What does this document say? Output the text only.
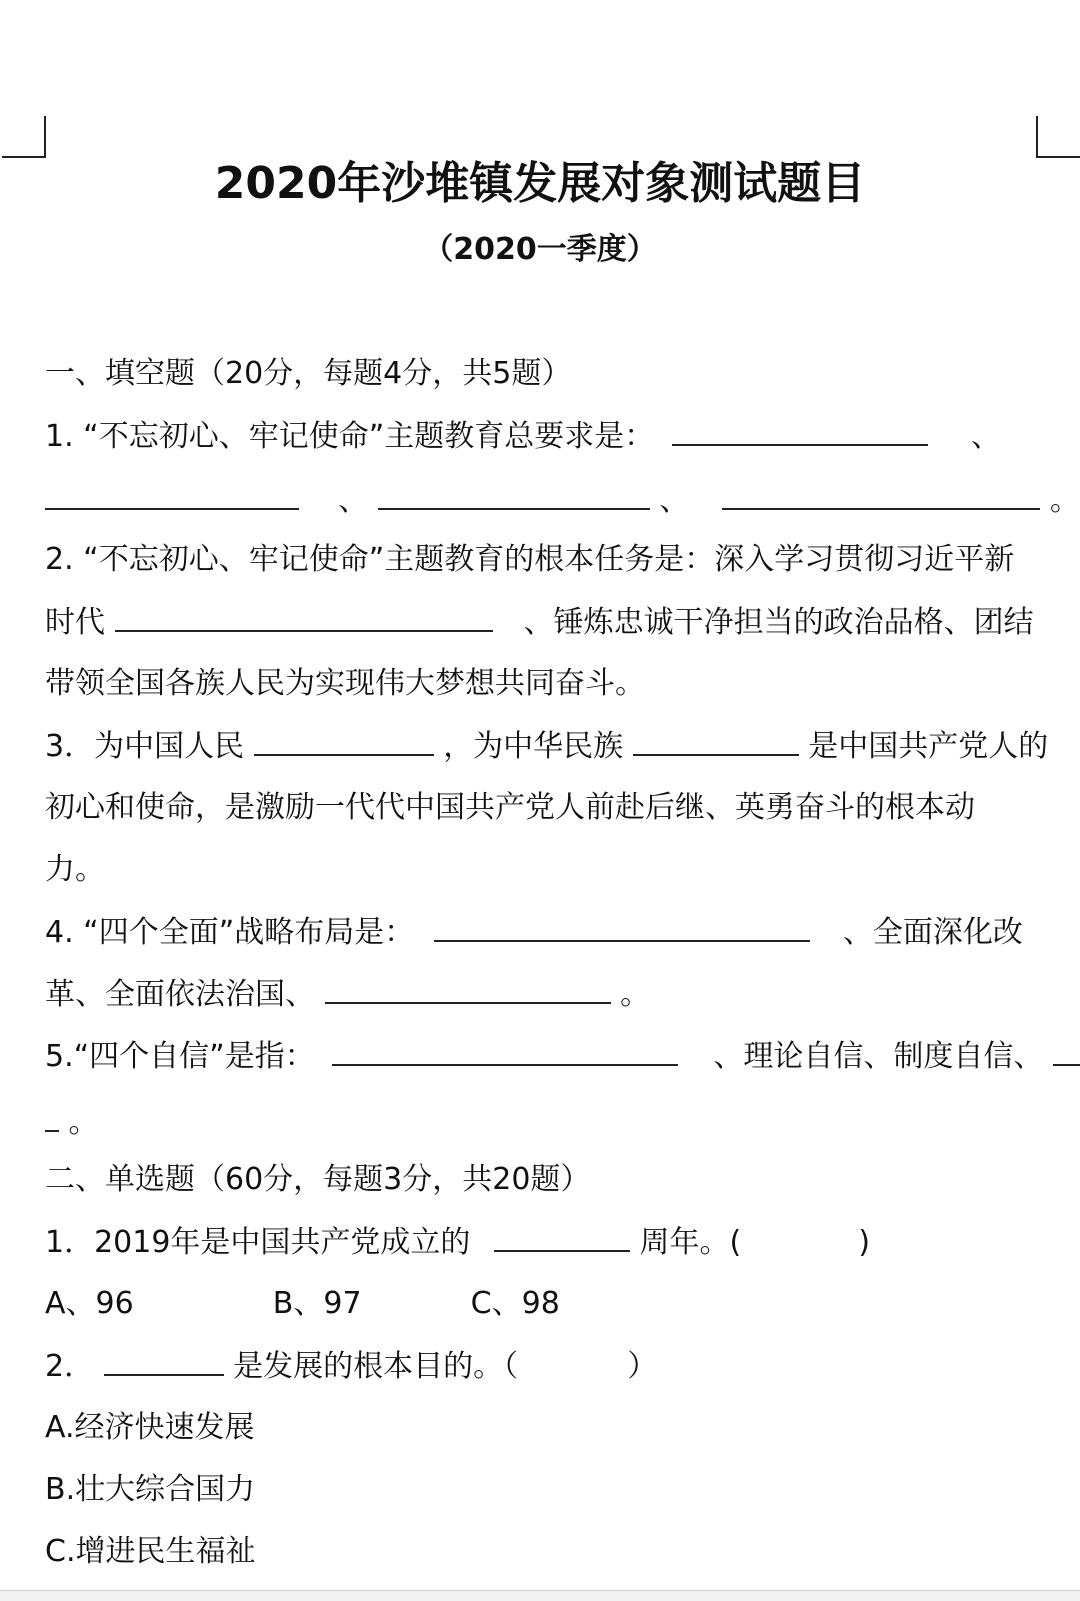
2020年沙堆镇发展对象测试题目
（2020一季度）
一、填空题（20分，每题4分，共5题）
1. “不忘初心、牢记使命”主题教育总要求是：	、
、	、	。
2. “不忘初心、牢记使命”主题教育的根本任务是：深入学习贯彻习近平新
时代	、锤炼忠诚干净担当的政治品格、团结
带领全国各族人民为实现伟大梦想共同奋斗。
3．为中国人民	，为中华民族	是中国共产党人的
初心和使命，是激励一代代中国共产党人前赴后继、英勇奋斗的根本动
力。
4. “四个全面”战略布局是：	、全面深化改
革、全面依法治国、	。
5.“四个自信”是指：	、理论自信、制度自信、
。
二、单选题（60分，每题3分，共20题）
1．2019年是中国共产党成立的	周年。(	)
A、96	B、97	C、98
2．	是发展的根本目的。（	）
A.经济快速发展
B.壮大综合国力
C.增进民生福祉
